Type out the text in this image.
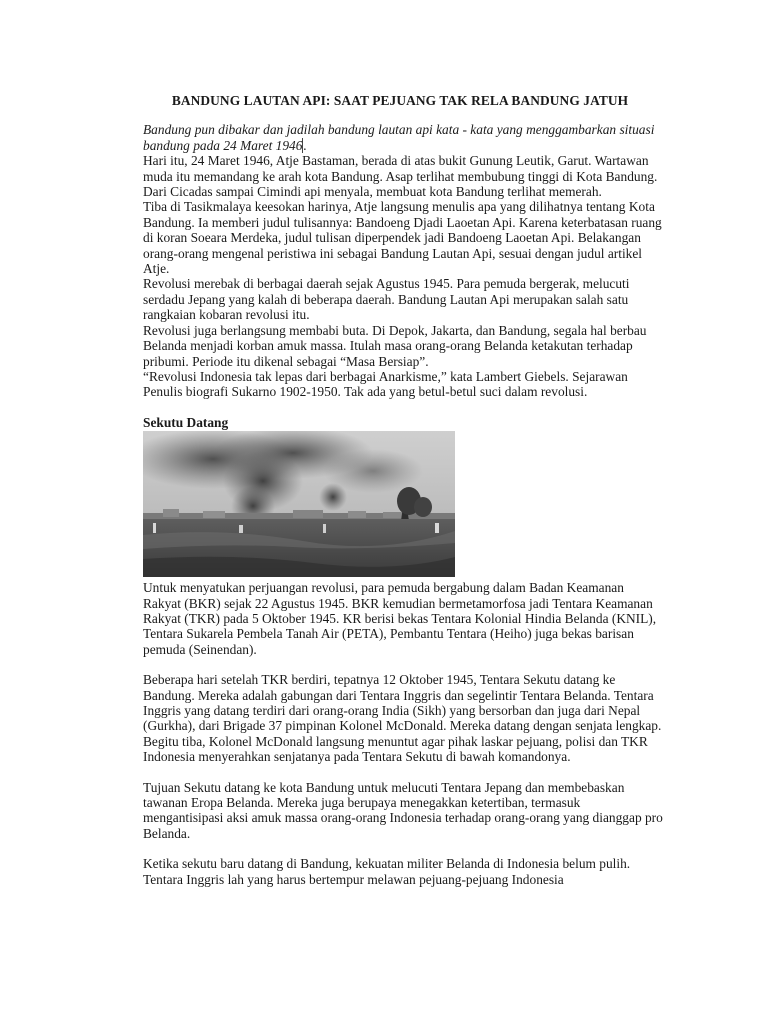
BANDUNG LAUTAN API: SAAT PEJUANG TAK RELA BANDUNG JATUH

Bandung pun dibakar dan jadilah bandung lautan api kata - kata yang menggambarkan situasi bandung pada 24 Maret 1946.

Hari itu, 24 Maret 1946, Atje Bastaman, berada di atas bukit Gunung Leutik, Garut. Wartawan muda itu memandang ke arah kota Bandung. Asap terlihat membubung tinggi di Kota Bandung. Dari Cicadas sampai Cimindi api menyala, membuat kota Bandung terlihat memerah.

Tiba di Tasikmalaya keesokan harinya, Atje langsung menulis apa yang dilihatnya tentang Kota Bandung. Ia memberi judul tulisannya: Bandoeng Djadi Laoetan Api. Karena keterbatasan ruang di koran Soeara Merdeka, judul tulisan diperpendek jadi Bandoeng Laoetan Api. Belakangan orang-orang mengenal peristiwa ini sebagai Bandung Lautan Api, sesuai dengan judul artikel Atje.

Revolusi merebak di berbagai daerah sejak Agustus 1945. Para pemuda bergerak, melucuti serdadu Jepang yang kalah di beberapa daerah. Bandung Lautan Api merupakan salah satu rangkaian kobaran revolusi itu.

Revolusi juga berlangsung membabi buta. Di Depok, Jakarta, dan Bandung, segala hal berbau Belanda menjadi korban amuk massa. Itulah masa orang-orang Belanda ketakutan terhadap pribumi. Periode itu dikenal sebagai “Masa Bersiap”.

“Revolusi Indonesia tak lepas dari berbagai Anarkisme,” kata Lambert Giebels. Sejarawan Penulis biografi Sukarno 1902-1950. Tak ada yang betul-betul suci dalam revolusi.

Sekutu Datang

Untuk menyatukan perjuangan revolusi, para pemuda bergabung dalam Badan Keamanan Rakyat (BKR) sejak 22 Agustus 1945. BKR kemudian bermetamorfosa jadi Tentara Keamanan Rakyat (TKR) pada 5 Oktober 1945. KR berisi bekas Tentara Kolonial Hindia Belanda (KNIL), Tentara Sukarela Pembela Tanah Air (PETA), Pembantu Tentara (Heiho) juga bekas barisan pemuda (Seinendan).

Beberapa hari setelah TKR berdiri, tepatnya 12 Oktober 1945, Tentara Sekutu datang ke Bandung. Mereka adalah gabungan dari Tentara Inggris dan segelintir Tentara Belanda. Tentara Inggris yang datang terdiri dari orang-orang India (Sikh) yang bersorban dan juga dari Nepal (Gurkha), dari Brigade 37 pimpinan Kolonel McDonald. Mereka datang dengan senjata lengkap. Begitu tiba, Kolonel McDonald langsung menuntut agar pihak laskar pejuang, polisi dan TKR Indonesia menyerahkan senjatanya pada Tentara Sekutu di bawah komandonya.

Tujuan Sekutu datang ke kota Bandung untuk melucuti Tentara Jepang dan membebaskan tawanan Eropa Belanda. Mereka juga berupaya menegakkan ketertiban, termasuk mengantisipasi aksi amuk massa orang-orang Indonesia terhadap orang-orang yang dianggap pro Belanda.

Ketika sekutu baru datang di Bandung, kekuatan militer Belanda di Indonesia belum pulih. Tentara Inggris lah yang harus bertempur melawan pejuang-pejuang Indonesia
